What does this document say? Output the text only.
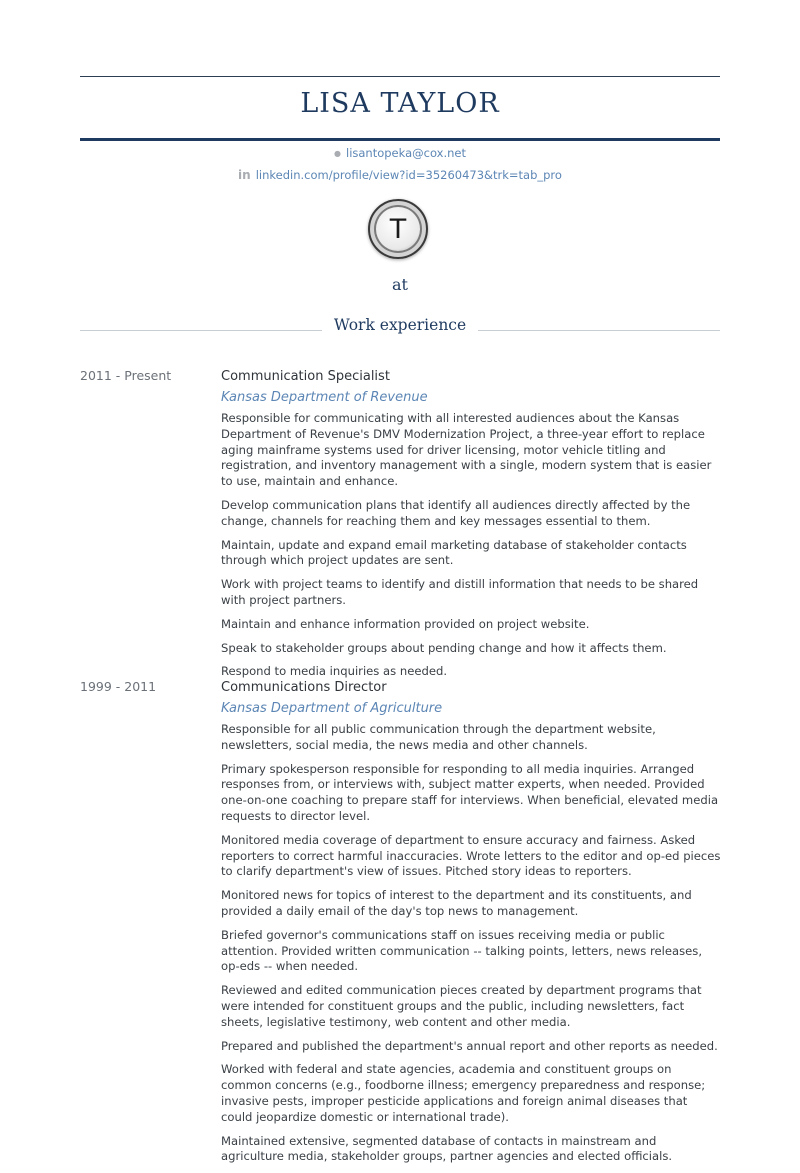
LISA TAYLOR
● lisantopeka@cox.net
in linkedin.com/profile/view?id=35260473&trk=tab_pro
T
at
Work experience
2011 - Present	Communication Specialist
Kansas Department of Revenue
Responsible for communicating with all interested audiences about the Kansas Department of Revenue's DMV Modernization Project, a three-year effort to replace aging mainframe systems used for driver licensing, motor vehicle titling and registration, and inventory management with a single, modern system that is easier to use, maintain and enhance.
Develop communication plans that identify all audiences directly affected by the change, channels for reaching them and key messages essential to them.
Maintain, update and expand email marketing database of stakeholder contacts through which project updates are sent.
Work with project teams to identify and distill information that needs to be shared with project partners.
Maintain and enhance information provided on project website.
Speak to stakeholder groups about pending change and how it affects them.
Respond to media inquiries as needed.
1999 - 2011	Communications Director
Kansas Department of Agriculture
Responsible for all public communication through the department website, newsletters, social media, the news media and other channels.
Primary spokesperson responsible for responding to all media inquiries. Arranged responses from, or interviews with, subject matter experts, when needed. Provided one-on-one coaching to prepare staff for interviews. When beneficial, elevated media requests to director level.
Monitored media coverage of department to ensure accuracy and fairness. Asked reporters to correct harmful inaccuracies. Wrote letters to the editor and op-ed pieces to clarify department's view of issues. Pitched story ideas to reporters.
Monitored news for topics of interest to the department and its constituents, and provided a daily email of the day's top news to management.
Briefed governor's communications staff on issues receiving media or public attention. Provided written communication -- talking points, letters, news releases, op-eds -- when needed.
Reviewed and edited communication pieces created by department programs that were intended for constituent groups and the public, including newsletters, fact sheets, legislative testimony, web content and other media.
Prepared and published the department's annual report and other reports as needed.
Worked with federal and state agencies, academia and constituent groups on common concerns (e.g., foodborne illness; emergency preparedness and response; invasive pests, improper pesticide applications and foreign animal diseases that could jeopardize domestic or international trade).
Maintained extensive, segmented database of contacts in mainstream and agriculture media, stakeholder groups, partner agencies and elected officials.
